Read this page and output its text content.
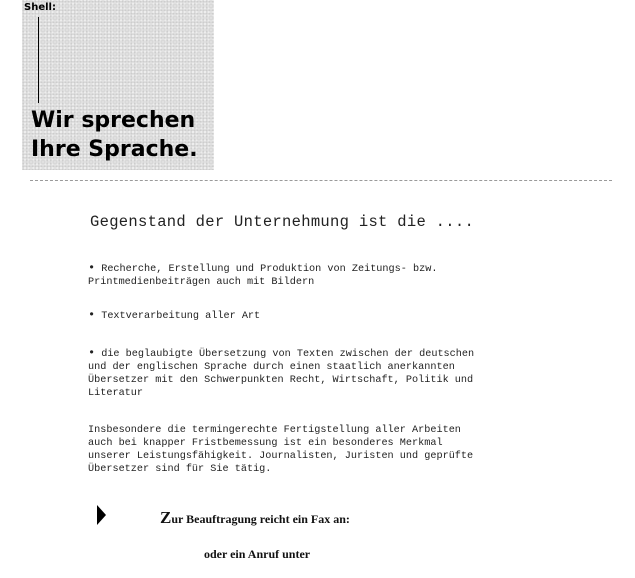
Shell:
Wir sprechen
Ihre Sprache.
Gegenstand der Unternehmung ist die ....
• Recherche, Erstellung und Produktion von Zeitungs- bzw.
Printmedienbeiträgen auch mit Bildern
• Textverarbeitung aller Art
• die beglaubigte Übersetzung von Texten zwischen der deutschen
und der englischen Sprache durch einen staatlich anerkannten
Übersetzer mit den Schwerpunkten Recht, Wirtschaft, Politik und
Literatur
Insbesondere die termingerechte Fertigstellung aller Arbeiten
auch bei knapper Fristbemessung ist ein besonderes Merkmal
unserer Leistungsfähigkeit. Journalisten, Juristen und geprüfte
Übersetzer sind für Sie tätig.
Zur Beauftragung reicht ein Fax an:
oder ein Anruf unter
